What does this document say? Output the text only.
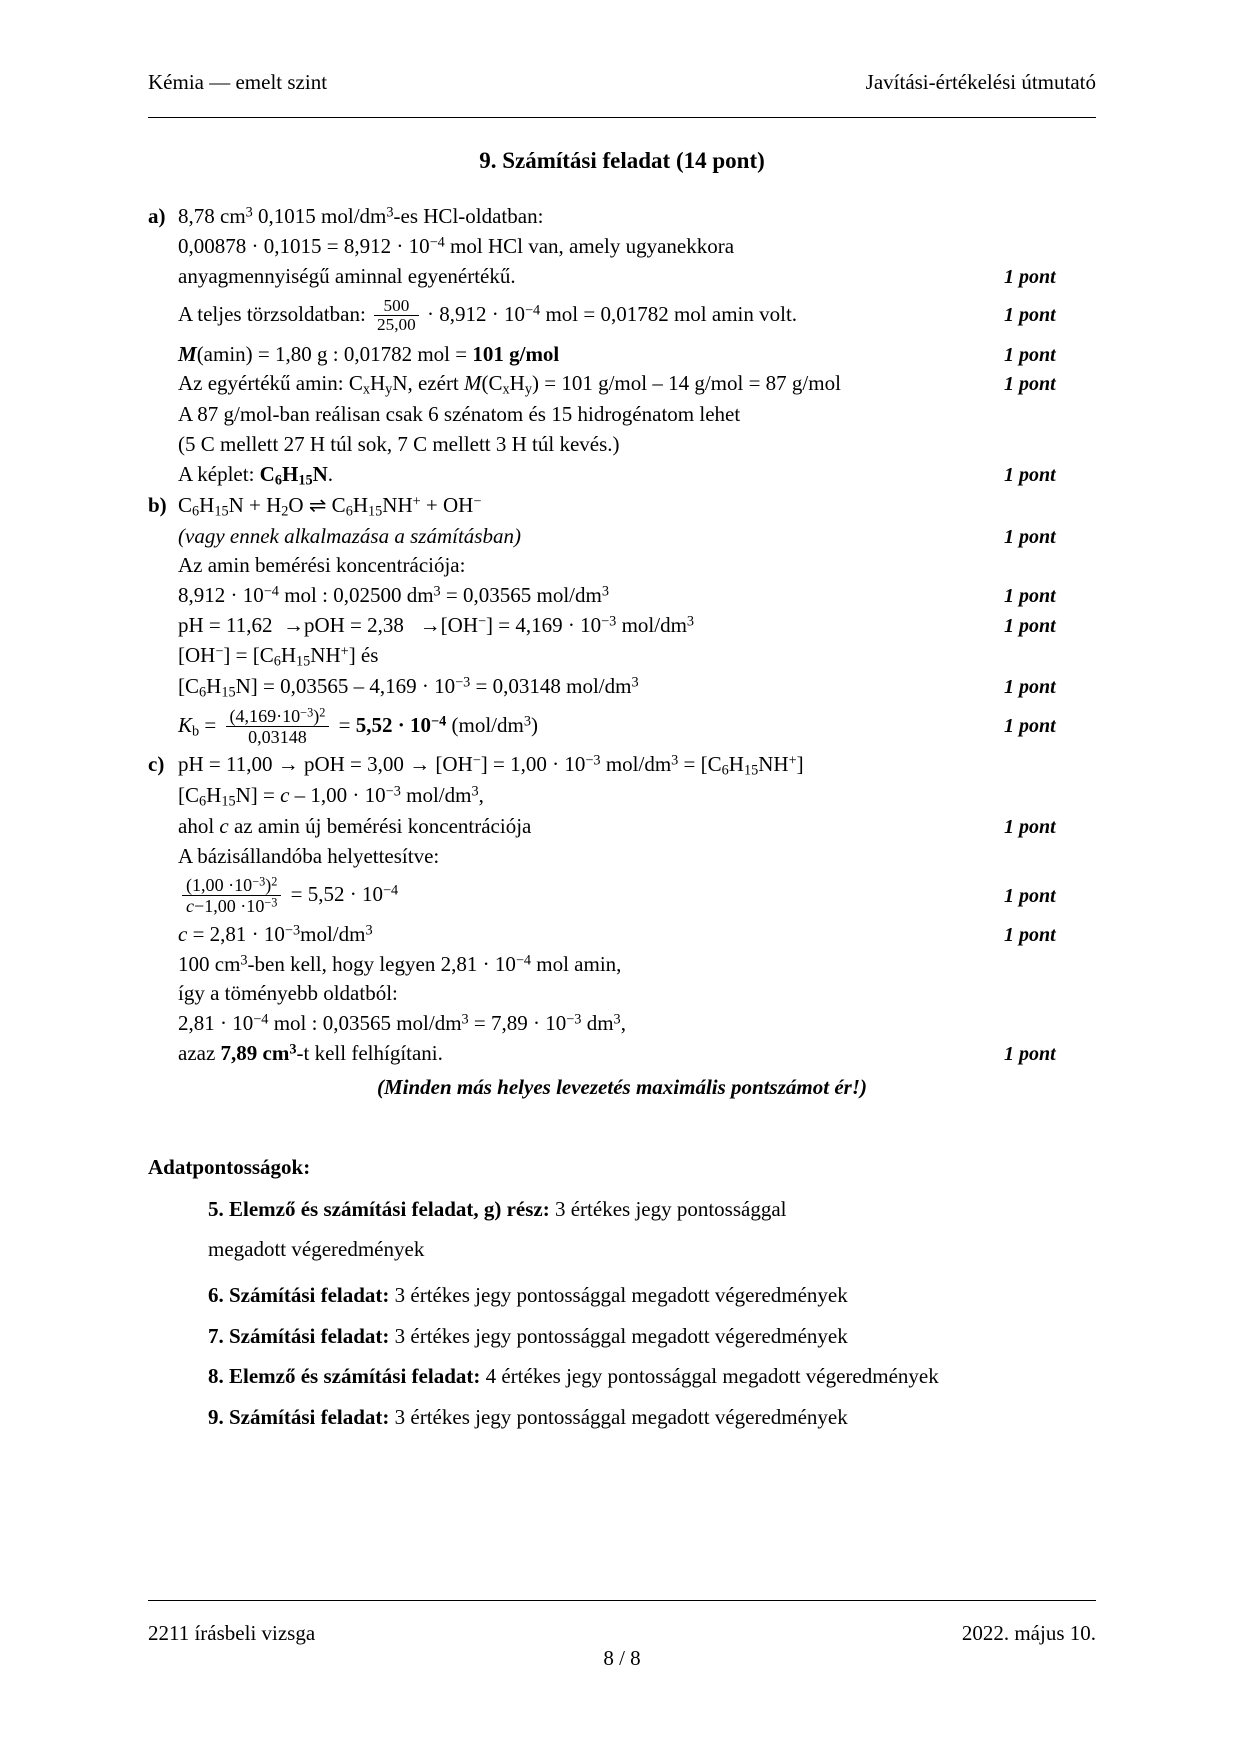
Kémia — emelt szint	Javítási-értékelési útmutató
9. Számítási feladat (14 pont)
a) 8,78 $cm^3$ 0,1015 mol/$dm^3-es$ HCl-oldatban:
$0,00878 \cdot 0,1015 = 8,912 \cdot 10^{-4}$ mol HCl van, amely ugyanekkora
anyagmennyiségű aminnal egyenértékű.	1 pont
A teljes törzsoldatban: $\frac{500}{25,00} \cdot 8,912 \cdot 10^{-4}$ mol = 0,01782 mol amin volt.	1 pont
M(amin) = 1,80 g : 0,01782 mol = 101 g/mol	1 pont
Az egyértékű amin: $C_xH_yN$, ezért $M(C_xH_y) = 101$ g/mol – 14 g/mol = 87 g/mol	1 pont
A 87 g/mol-ban reálisan csak 6 szénatom és 15 hidrogénatom lehet
(5 C mellett 27 H túl sok, 7 C mellett 3 H túl kevés.)
A képlet: $C_6H_{15}N$.	1 pont
b) $C_6H_{15}N + H_2O$ ⇌ $C_6H_{15}NH^+ + OH^-$
(vagy ennek alkalmazása a számításban)	1 pont
Az amin bemérési koncentrációja:
$8,912 \cdot 10^{-4}$ mol : 0,02500 $dm^3 = 0,03565$ mol/$dm^3$	1 pont
pH = $11,62 \to pOH = 2,38 \to[OH^-] = 4,169 \cdot 10^{-3}$ mol/$dm^3$	1 pont
$[OH^-] = [C_6H_{15}NH^+]$ és
$[C_6H_{15}N] = 0,03565 - 4,169 \cdot 10^{-3} = 0,03148$ mol/$dm^3$	1 pont
$K_b = \frac{(4,169\cdot 10^{-3})^2}{0,03148} = 5,52 \cdot 10^{-4}$ $(mol/dm^3)$	1 pont
c) pH = 11,00 → pOH = $3,00 \to [OH^-] = 1,00 \cdot 10^{-3}$ mol/$dm^3 = [C_6H_{15}NH^+]$
$[C_6H_{15}N] = c - 1,00 \cdot 10^{-3}$ mol/$dm^3$,
ahol c az amin új bemérési koncentrációja	1 pont
A bázisállandóba helyettesítve:
$\frac{(1,00 \cdot 10^{-3})^2}{c-1,00 \cdot 10^{-3}} = 5,52 \cdot 10^{-4}$	1 pont
$c = 2,81 \cdot 10^{-3}mol/dm^3$	1 pont
100 $cm^3$-ben kell, hogy legyen $2,81 \cdot 10^{-4}$ mol amin,
így a töményebb oldatból:
$2,81 \cdot 10^{-4}$ mol : 0,03565 mol/$dm^3 = 7,89 \cdot 10^{-3}$ $dm^3$,
azaz 7,89 $cm^3-t$ kell felhígítani.	1 pont
(Minden más helyes levezetés maximális pontszámot ér!)
Adatpontosságok:
5. Elemző és számítási feladat, g) rész: 3 értékes jegy pontossággal
megadott végeredmények
6. Számítási feladat: 3 értékes jegy pontossággal megadott végeredmények
7. Számítási feladat: 3 értékes jegy pontossággal megadott végeredmények
8. Elemző és számítási feladat: 4 értékes jegy pontossággal megadott végeredmények
9. Számítási feladat: 3 értékes jegy pontossággal megadott végeredmények
2211 írásbeli vizsga	2022. május 10.
8 / 8
